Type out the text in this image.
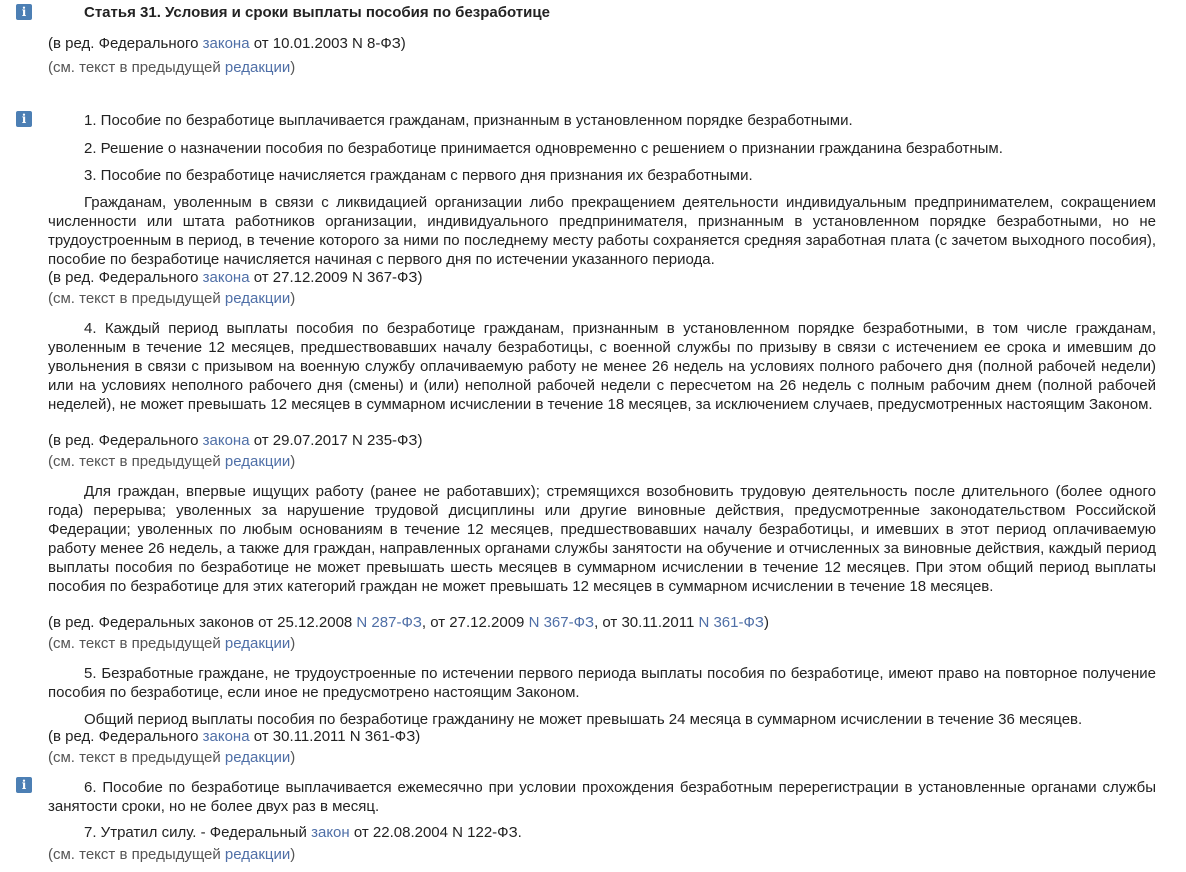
i
i
i
Статья 31. Условия и сроки выплаты пособия по безработице
(в ред. Федерального закона от 10.01.2003 N 8-ФЗ)
(см. текст в предыдущей редакции)
1. Пособие по безработице выплачивается гражданам, признанным в установленном порядке безработными.
2. Решение о назначении пособия по безработице принимается одновременно с решением о признании гражданина безработным.
3. Пособие по безработице начисляется гражданам с первого дня признания их безработными.

Гражданам, уволенным в связи с ликвидацией организации либо прекращением деятельности индивидуальным предпринимателем, сокращением численности или штата работников организации, индивидуального предпринимателя, признанным в установленном порядке безработными, но не трудоустроенным в период, в течение которого за ними по последнему месту работы сохраняется средняя заработная плата (с зачетом выходного пособия), пособие по безработице начисляется начиная с первого дня по истечении указанного периода.

(в ред. Федерального закона от 27.12.2009 N 367-ФЗ)
(см. текст в предыдущей редакции)

4. Каждый период выплаты пособия по безработице гражданам, признанным в установленном порядке безработными, в том числе гражданам, уволенным в течение 12 месяцев, предшествовавших началу безработицы, с военной службы по призыву в связи с истечением ее срока и имевшим до увольнения в связи с призывом на военную службу оплачиваемую работу не менее 26 недель на условиях полного рабочего дня (полной рабочей недели) или на условиях неполного рабочего дня (смены) и (или) неполной рабочей недели с пересчетом на 26 недель с полным рабочим днем (полной рабочей неделей), не может превышать 12 месяцев в суммарном исчислении в течение 18 месяцев, за исключением случаев, предусмотренных настоящим Законом.

(в ред. Федерального закона от 29.07.2017 N 235-ФЗ)
(см. текст в предыдущей редакции)

Для граждан, впервые ищущих работу (ранее не работавших); стремящихся возобновить трудовую деятельность после длительного (более одного года) перерыва; уволенных за нарушение трудовой дисциплины или другие виновные действия, предусмотренные законодательством Российской Федерации; уволенных по любым основаниям в течение 12 месяцев, предшествовавших началу безработицы, и имевших в этот период оплачиваемую работу менее 26 недель, а также для граждан, направленных органами службы занятости на обучение и отчисленных за виновные действия, каждый период выплаты пособия по безработице не может превышать шесть месяцев в суммарном исчислении в течение 12 месяцев. При этом общий период выплаты пособия по безработице для этих категорий граждан не может превышать 12 месяцев в суммарном исчислении в течение 18 месяцев.

(в ред. Федеральных законов от 25.12.2008 N 287-ФЗ, от 27.12.2009 N 367-ФЗ, от 30.11.2011 N 361-ФЗ)
(см. текст в предыдущей редакции)

5. Безработные граждане, не трудоустроенные по истечении первого периода выплаты пособия по безработице, имеют право на повторное получение пособия по безработице, если иное не предусмотрено настоящим Законом.

Общий период выплаты пособия по безработице гражданину не может превышать 24 месяца в суммарном исчислении в течение 36 месяцев.

(в ред. Федерального закона от 30.11.2011 N 361-ФЗ)
(см. текст в предыдущей редакции)

6. Пособие по безработице выплачивается ежемесячно при условии прохождения безработным перерегистрации в установленные органами службы занятости сроки, но не более двух раз в месяц.

7. Утратил силу. - Федеральный закон от 22.08.2004 N 122-ФЗ.
(см. текст в предыдущей редакции)
